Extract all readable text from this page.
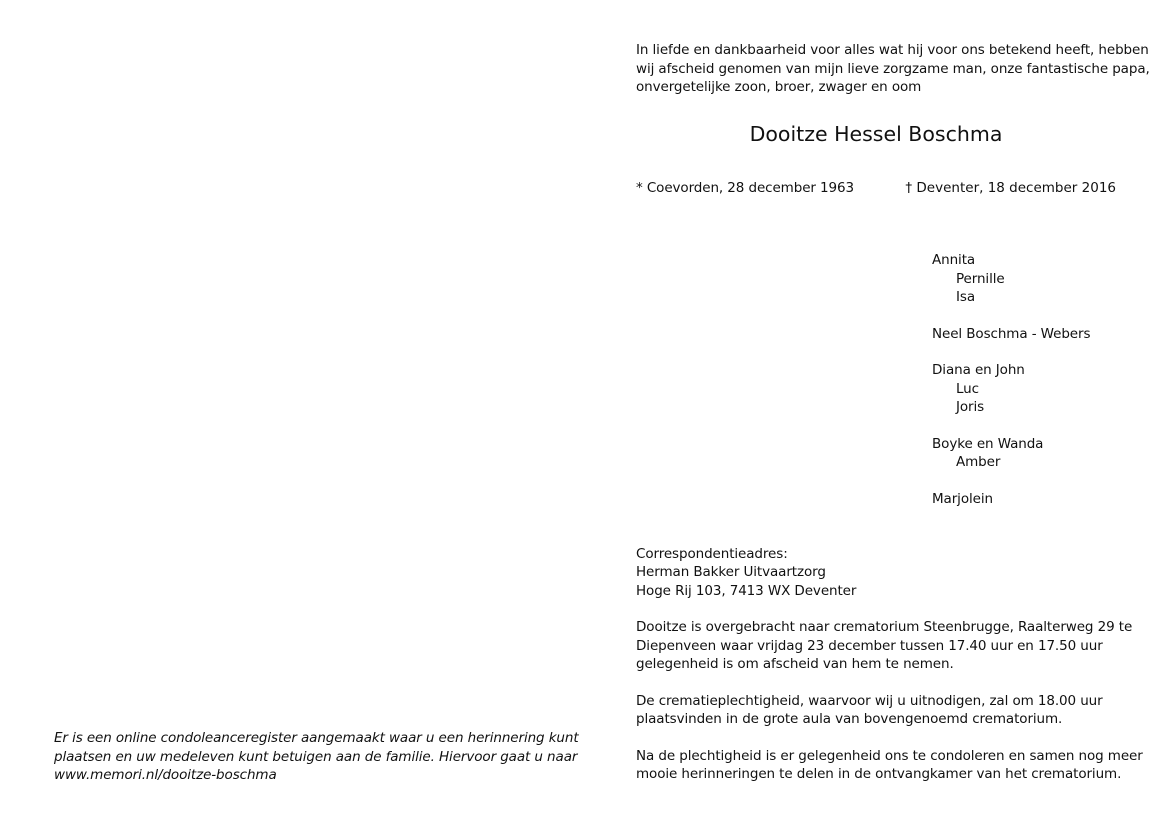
In liefde en dankbaarheid voor alles wat hij voor ons betekend heeft, hebben
wij afscheid genomen van mijn lieve zorgzame man, onze fantastische papa,
onvergetelijke zoon, broer, zwager en oom
Dooitze Hessel Boschma
* Coevorden, 28 december 1963	† Deventer, 18 december 2016
Annita
Pernille
Isa
Neel Boschma - Webers
Diana en John
Luc
Joris
Boyke en Wanda
Amber
Marjolein
Correspondentieadres:
Herman Bakker Uitvaartzorg
Hoge Rij 103, 7413 WX Deventer
Dooitze is overgebracht naar crematorium Steenbrugge, Raalterweg 29 te
Diepenveen waar vrijdag 23 december tussen 17.40 uur en 17.50 uur
gelegenheid is om afscheid van hem te nemen.
De crematieplechtigheid, waarvoor wij u uitnodigen, zal om 18.00 uur
plaatsvinden in de grote aula van bovengenoemd crematorium.
Na de plechtigheid is er gelegenheid ons te condoleren en samen nog meer
mooie herinneringen te delen in de ontvangkamer van het crematorium.
Er is een online condoleanceregister aangemaakt waar u een herinnering kunt
plaatsen en uw medeleven kunt betuigen aan de familie. Hiervoor gaat u naar
www.memori.nl/dooitze-boschma
